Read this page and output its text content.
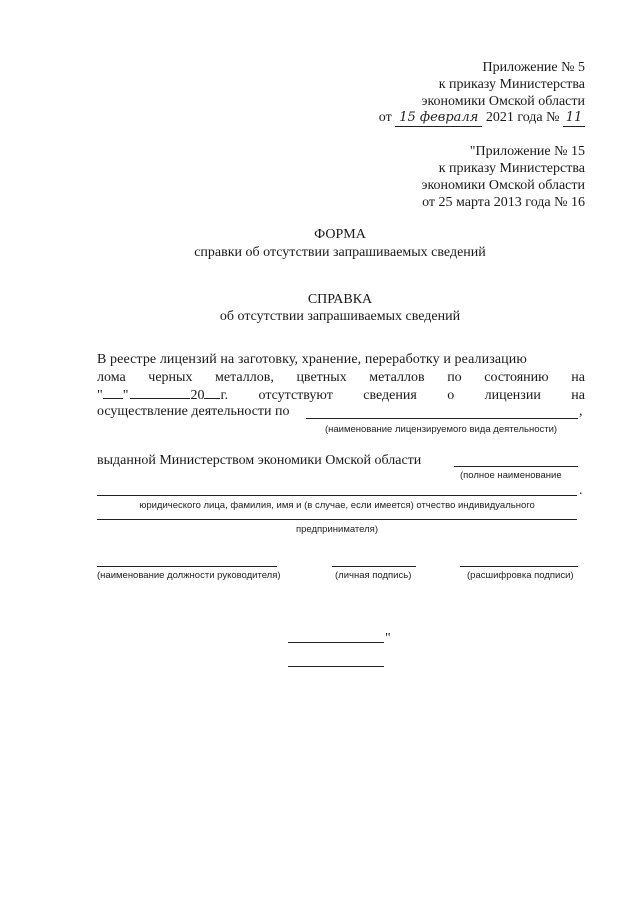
Приложение № 5
к приказу Министерства
экономики Омской области
от 15 февраля 2021 года № 11
"Приложение № 15
к приказу Министерства
экономики Омской области
от 25 марта 2013 года № 16
ФОРМА
справки об отсутствии запрашиваемых сведений
СПРАВКА
об отсутствии запрашиваемых сведений
В реестре лицензий на заготовку, хранение, переработку и реализацию
лома черных металлов, цветных металлов по состоянию на
" "	20 г. отсутствуют сведения о лицензии на
осуществление деятельности по	,
(наименование лицензируемого вида деятельности)
выданной Министерством экономики Омской области
(полное наименование
.
юридического лица, фамилия, имя и (в случае, если имеется) отчество индивидуального
предпринимателя)
(наименование должности руководителя)	(личная подпись)	(расшифровка подписи)
"
